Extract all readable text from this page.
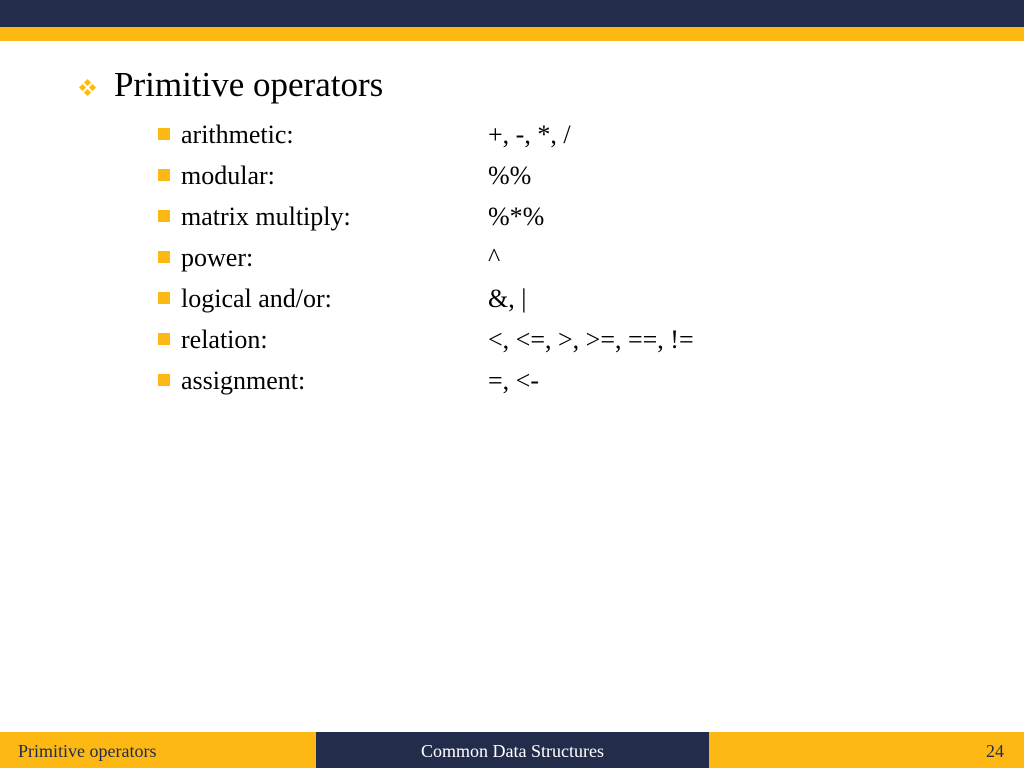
Primitive operators
arithmetic:	+, -, *, /
modular:	%%
matrix multiply:	%*%
power:	^
logical and/or:	&, |
relation:	<, <=, >, >=, ==, !=
assignment:	=, <-
Primitive operators	Common Data Structures	24
